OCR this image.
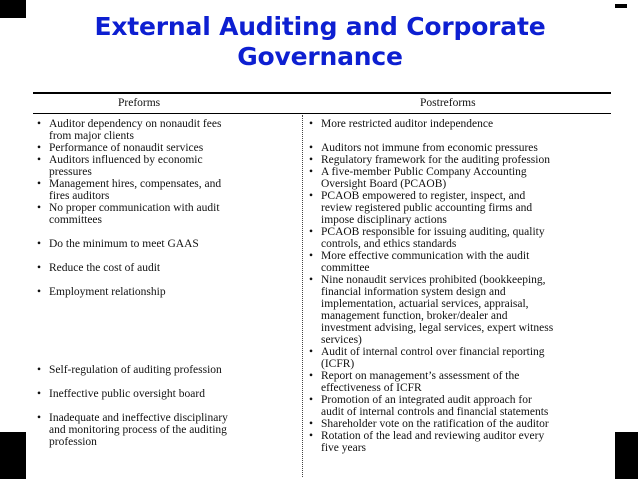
External Auditing and Corporate
Governance
Preforms	Postreforms
• Auditor dependency on nonaudit fees
from major clients
• Performance of nonaudit services
• Auditors influenced by economic
pressures
• Management hires, compensates, and
fires auditors
• No proper communication with audit
committees
• Do the minimum to meet GAAS
• Reduce the cost of audit
• Employment relationship
• Self-regulation of auditing profession
• Ineffective public oversight board
• Inadequate and ineffective disciplinary
and monitoring process of the auditing
profession
• More restricted auditor independence
• Auditors not immune from economic pressures
• Regulatory framework for the auditing profession
• A five-member Public Company Accounting
Oversight Board (PCAOB)
• PCAOB empowered to register, inspect, and
review registered public accounting firms and
impose disciplinary actions
• PCAOB responsible for issuing auditing, quality
controls, and ethics standards
• More effective communication with the audit
committee
• Nine nonaudit services prohibited (bookkeeping,
financial information system design and
implementation, actuarial services, appraisal,
management function, broker/dealer and
investment advising, legal services, expert witness
services)
• Audit of internal control over financial reporting
(ICFR)
• Report on management’s assessment of the
effectiveness of ICFR
• Promotion of an integrated audit approach for
audit of internal controls and financial statements
• Shareholder vote on the ratification of the auditor
• Rotation of the lead and reviewing auditor every
five years
